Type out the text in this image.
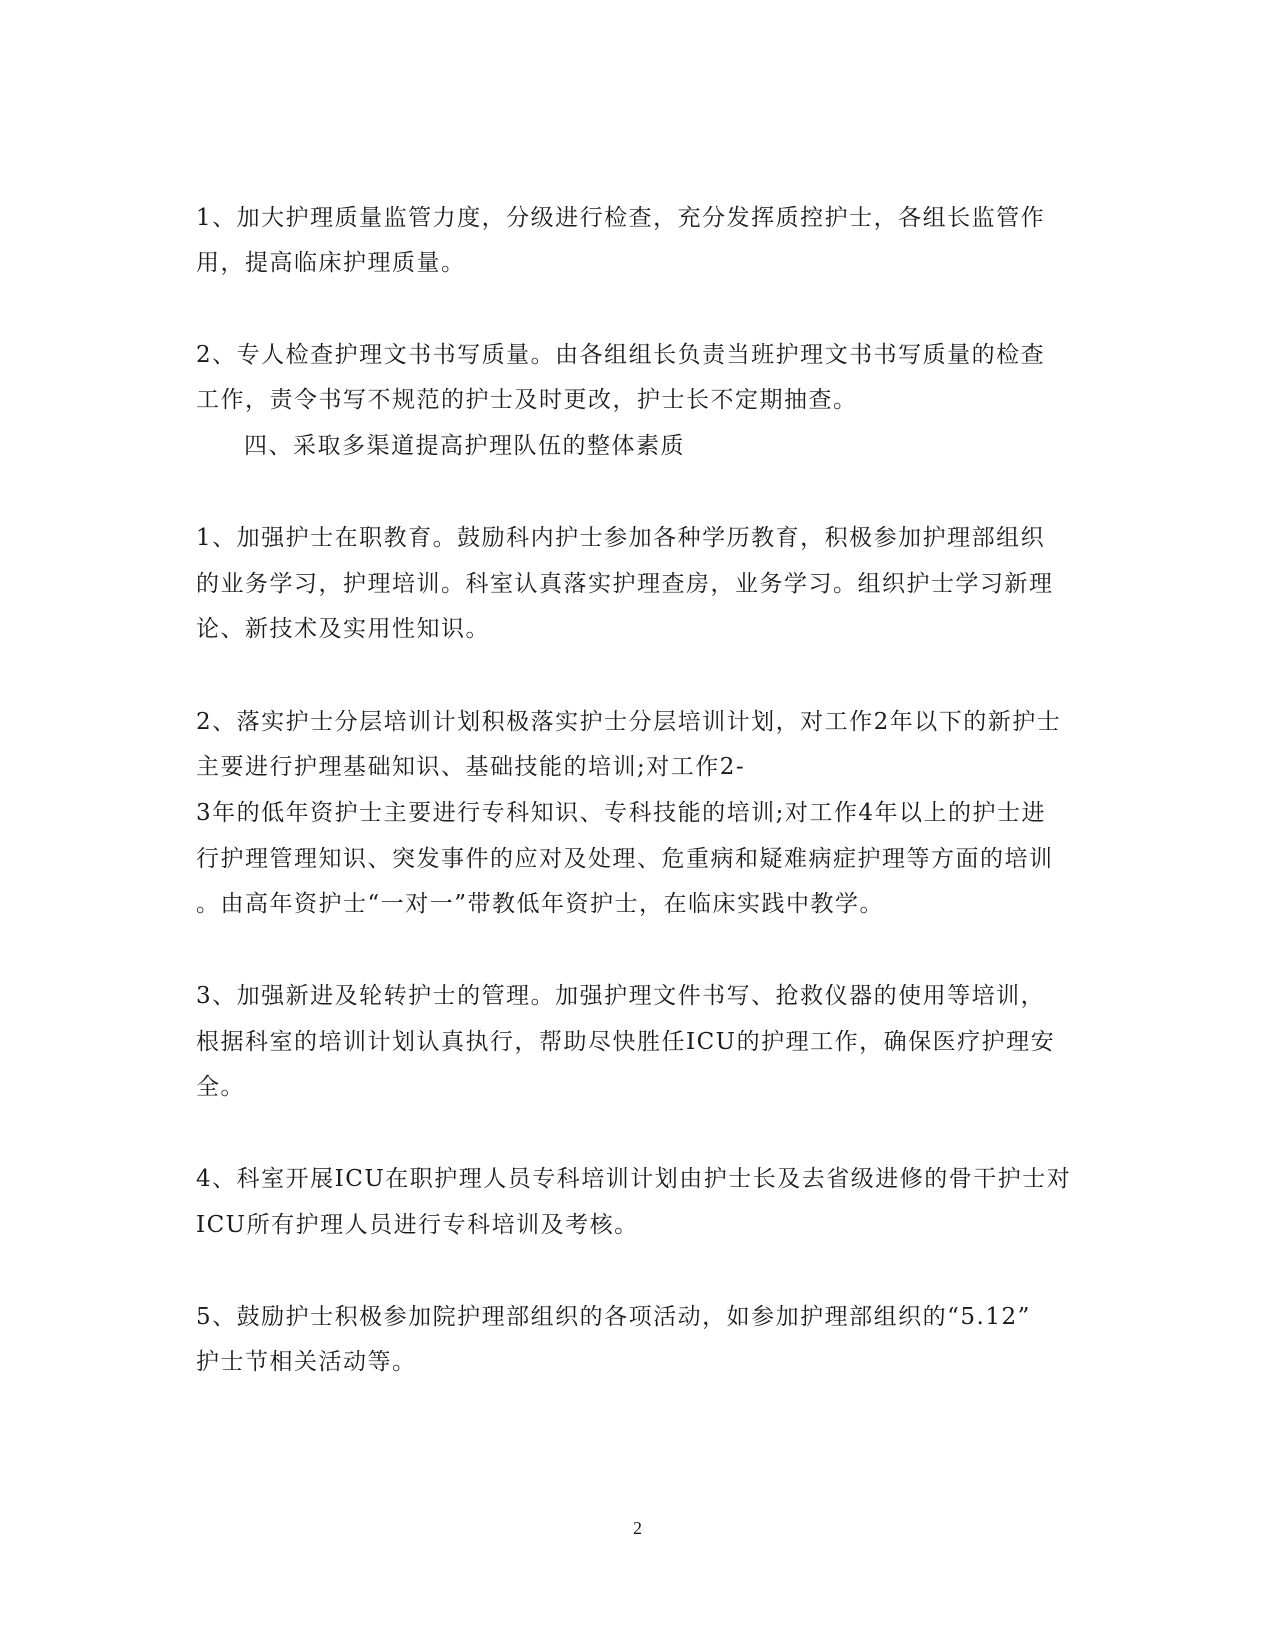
1、加大护理质量监管力度，分级进行检查，充分发挥质控护士，各组长监管作
用，提高临床护理质量。
2、专人检查护理文书书写质量。由各组组长负责当班护理文书书写质量的检查
工作，责令书写不规范的护士及时更改，护士长不定期抽查。
四、采取多渠道提高护理队伍的整体素质
1、加强护士在职教育。鼓励科内护士参加各种学历教育，积极参加护理部组织
的业务学习，护理培训。科室认真落实护理查房，业务学习。组织护士学习新理
论、新技术及实用性知识。
2、落实护士分层培训计划积极落实护士分层培训计划，对工作2年以下的新护士
主要进行护理基础知识、基础技能的培训;对工作2-
3年的低年资护士主要进行专科知识、专科技能的培训;对工作4年以上的护士进
行护理管理知识、突发事件的应对及处理、危重病和疑难病症护理等方面的培训
。由高年资护士“一对一”带教低年资护士，在临床实践中教学。
3、加强新进及轮转护士的管理。加强护理文件书写、抢救仪器的使用等培训，
根据科室的培训计划认真执行，帮助尽快胜任ICU的护理工作，确保医疗护理安
全。
4、科室开展ICU在职护理人员专科培训计划由护士长及去省级进修的骨干护士对
ICU所有护理人员进行专科培训及考核。
5、鼓励护士积极参加院护理部组织的各项活动，如参加护理部组织的“5.12”
护士节相关活动等。
2
